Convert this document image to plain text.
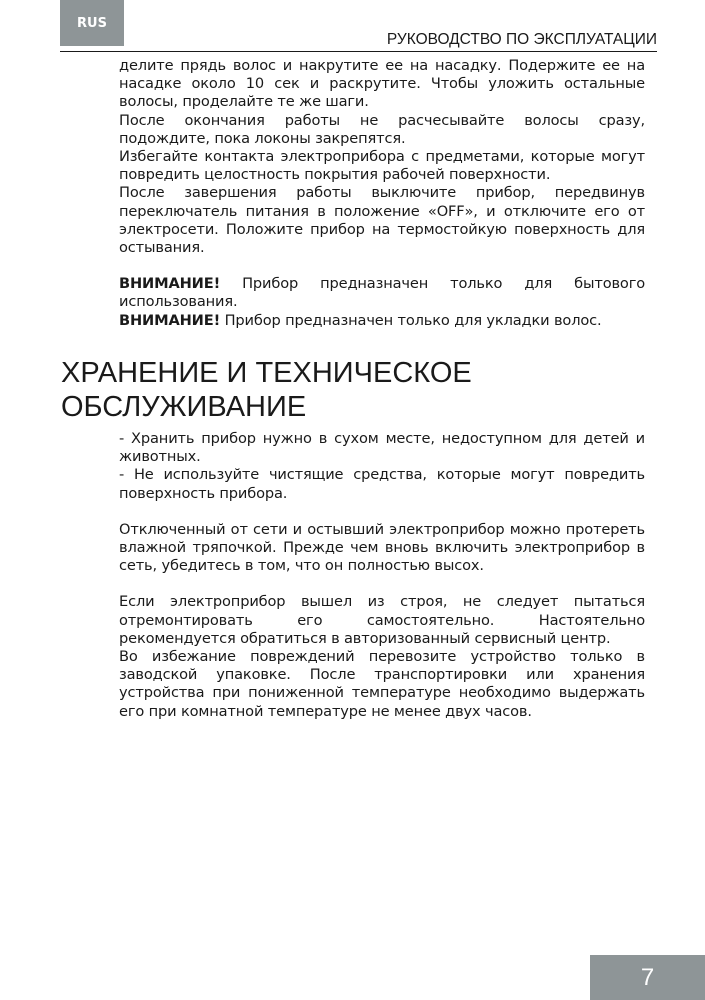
RUS
РУКОВОДСТВО ПО ЭКСПЛУАТАЦИИ

делите прядь волос и накрутите ее на насадку. Подержите ее на насадке около 10 сек и раскрутите. Чтобы уложить остальные волосы, проделайте те же шаги.

После окончания работы не расчесывайте волосы сразу, подождите, пока локоны закрепятся.

Избегайте контакта электроприбора с предметами, которые могут повредить целостность покрытия рабочей поверхности.

После завершения работы выключите прибор, передвинув переключатель питания в положение «OFF», и отключите его от электросети. Положите прибор на термостойкую поверхность для остывания.

ВНИМАНИЕ! Прибор предназначен только для бытового использования.

ВНИМАНИЕ! Прибор предназначен только для укладки волос.

ХРАНЕНИЕ И ТЕХНИЧЕСКОЕ
ОБСЛУЖИВАНИЕ

- Хранить прибор нужно в сухом месте, недоступном для детей и животных.

- Не используйте чистящие средства, которые могут повредить поверхность прибора.

Отключенный от сети и остывший электроприбор можно протереть влажной тряпочкой. Прежде чем вновь включить электроприбор в сеть, убедитесь в том, что он полностью высох.

Если электроприбор вышел из строя, не следует пытаться отремонтировать его самостоятельно. Настоятельно рекомендуется обратиться в авторизованный сервисный центр.

Во избежание повреждений перевозите устройство только в заводской упаковке. После транспортировки или хранения устройства при пониженной температуре необходимо выдержать его при комнатной температуре не менее двух часов.

7
